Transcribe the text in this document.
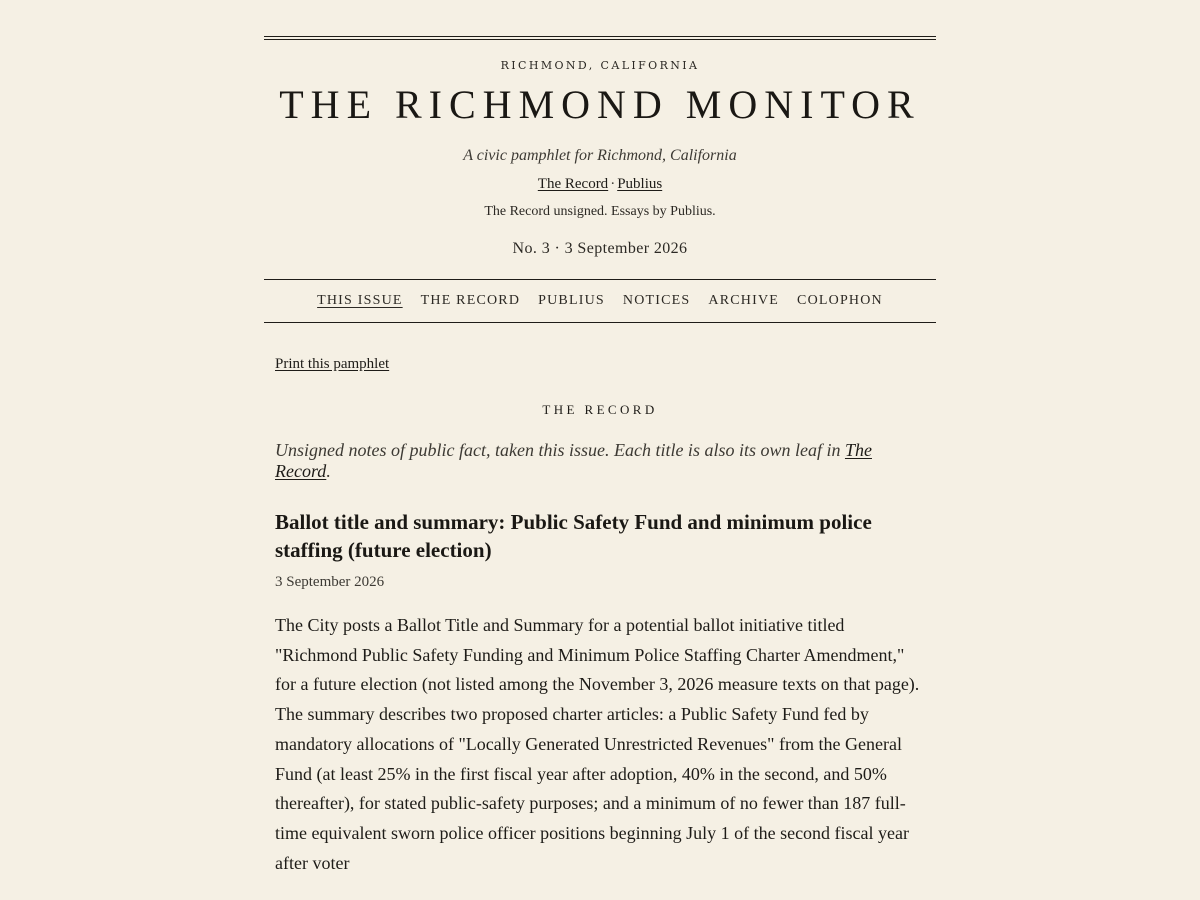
RICHMOND, CALIFORNIA
THE RICHMOND MONITOR
A civic pamphlet for Richmond, California
The Record · Publius
The Record unsigned. Essays by Publius.
No. 3 · 3 September 2026
THIS ISSUE THE RECORD PUBLIUS NOTICES ARCHIVE COLOPHON
Print this pamphlet
THE RECORD

Unsigned notes of public fact, taken this issue. Each title is also its own leaf in The Record.

Ballot title and summary: Public Safety Fund and minimum police staffing (future election)
3 September 2026

The City posts a Ballot Title and Summary for a potential ballot initiative titled "Richmond Public Safety Funding and Minimum Police Staffing Charter Amendment," for a future election (not listed among the November 3, 2026 measure texts on that page). The summary describes two proposed charter articles: a Public Safety Fund fed by mandatory allocations of "Locally Generated Unrestricted Revenues" from the General Fund (at least 25% in the first fiscal year after adoption, 40% in the second, and 50% thereafter), for stated public-safety purposes; and a minimum of no fewer than 187 full-time equivalent sworn police officer positions beginning July 1 of the second fiscal year after voter
